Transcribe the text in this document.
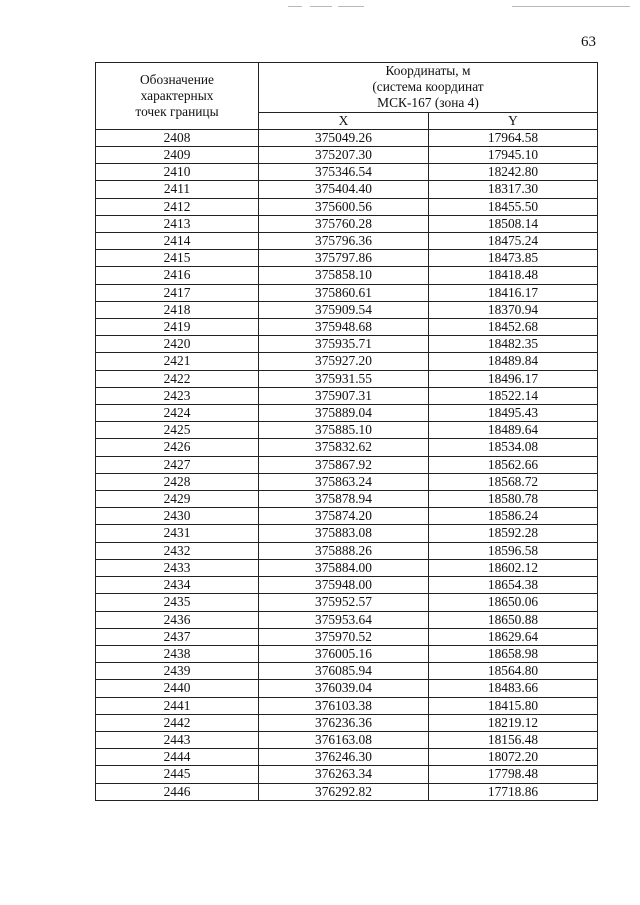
63
Обозначение
характерных
точек границы	Координаты, м
(система координат
МСК-167 (зона 4)	

	X	Y
2408	375049.26	17964.58
2409	375207.30	17945.10
2410	375346.54	18242.80
2411	375404.40	18317.30
2412	375600.56	18455.50
2413	375760.28	18508.14
2414	375796.36	18475.24
2415	375797.86	18473.85
2416	375858.10	18418.48
2417	375860.61	18416.17
2418	375909.54	18370.94
2419	375948.68	18452.68
2420	375935.71	18482.35
2421	375927.20	18489.84
2422	375931.55	18496.17
2423	375907.31	18522.14
2424	375889.04	18495.43
2425	375885.10	18489.64
2426	375832.62	18534.08
2427	375867.92	18562.66
2428	375863.24	18568.72
2429	375878.94	18580.78
2430	375874.20	18586.24
2431	375883.08	18592.28
2432	375888.26	18596.58
2433	375884.00	18602.12
2434	375948.00	18654.38
2435	375952.57	18650.06
2436	375953.64	18650.88
2437	375970.52	18629.64
2438	376005.16	18658.98
2439	376085.94	18564.80
2440	376039.04	18483.66
2441	376103.38	18415.80
2442	376236.36	18219.12
2443	376163.08	18156.48
2444	376246.30	18072.20
2445	376263.34	17798.48
2446	376292.82	17718.86
